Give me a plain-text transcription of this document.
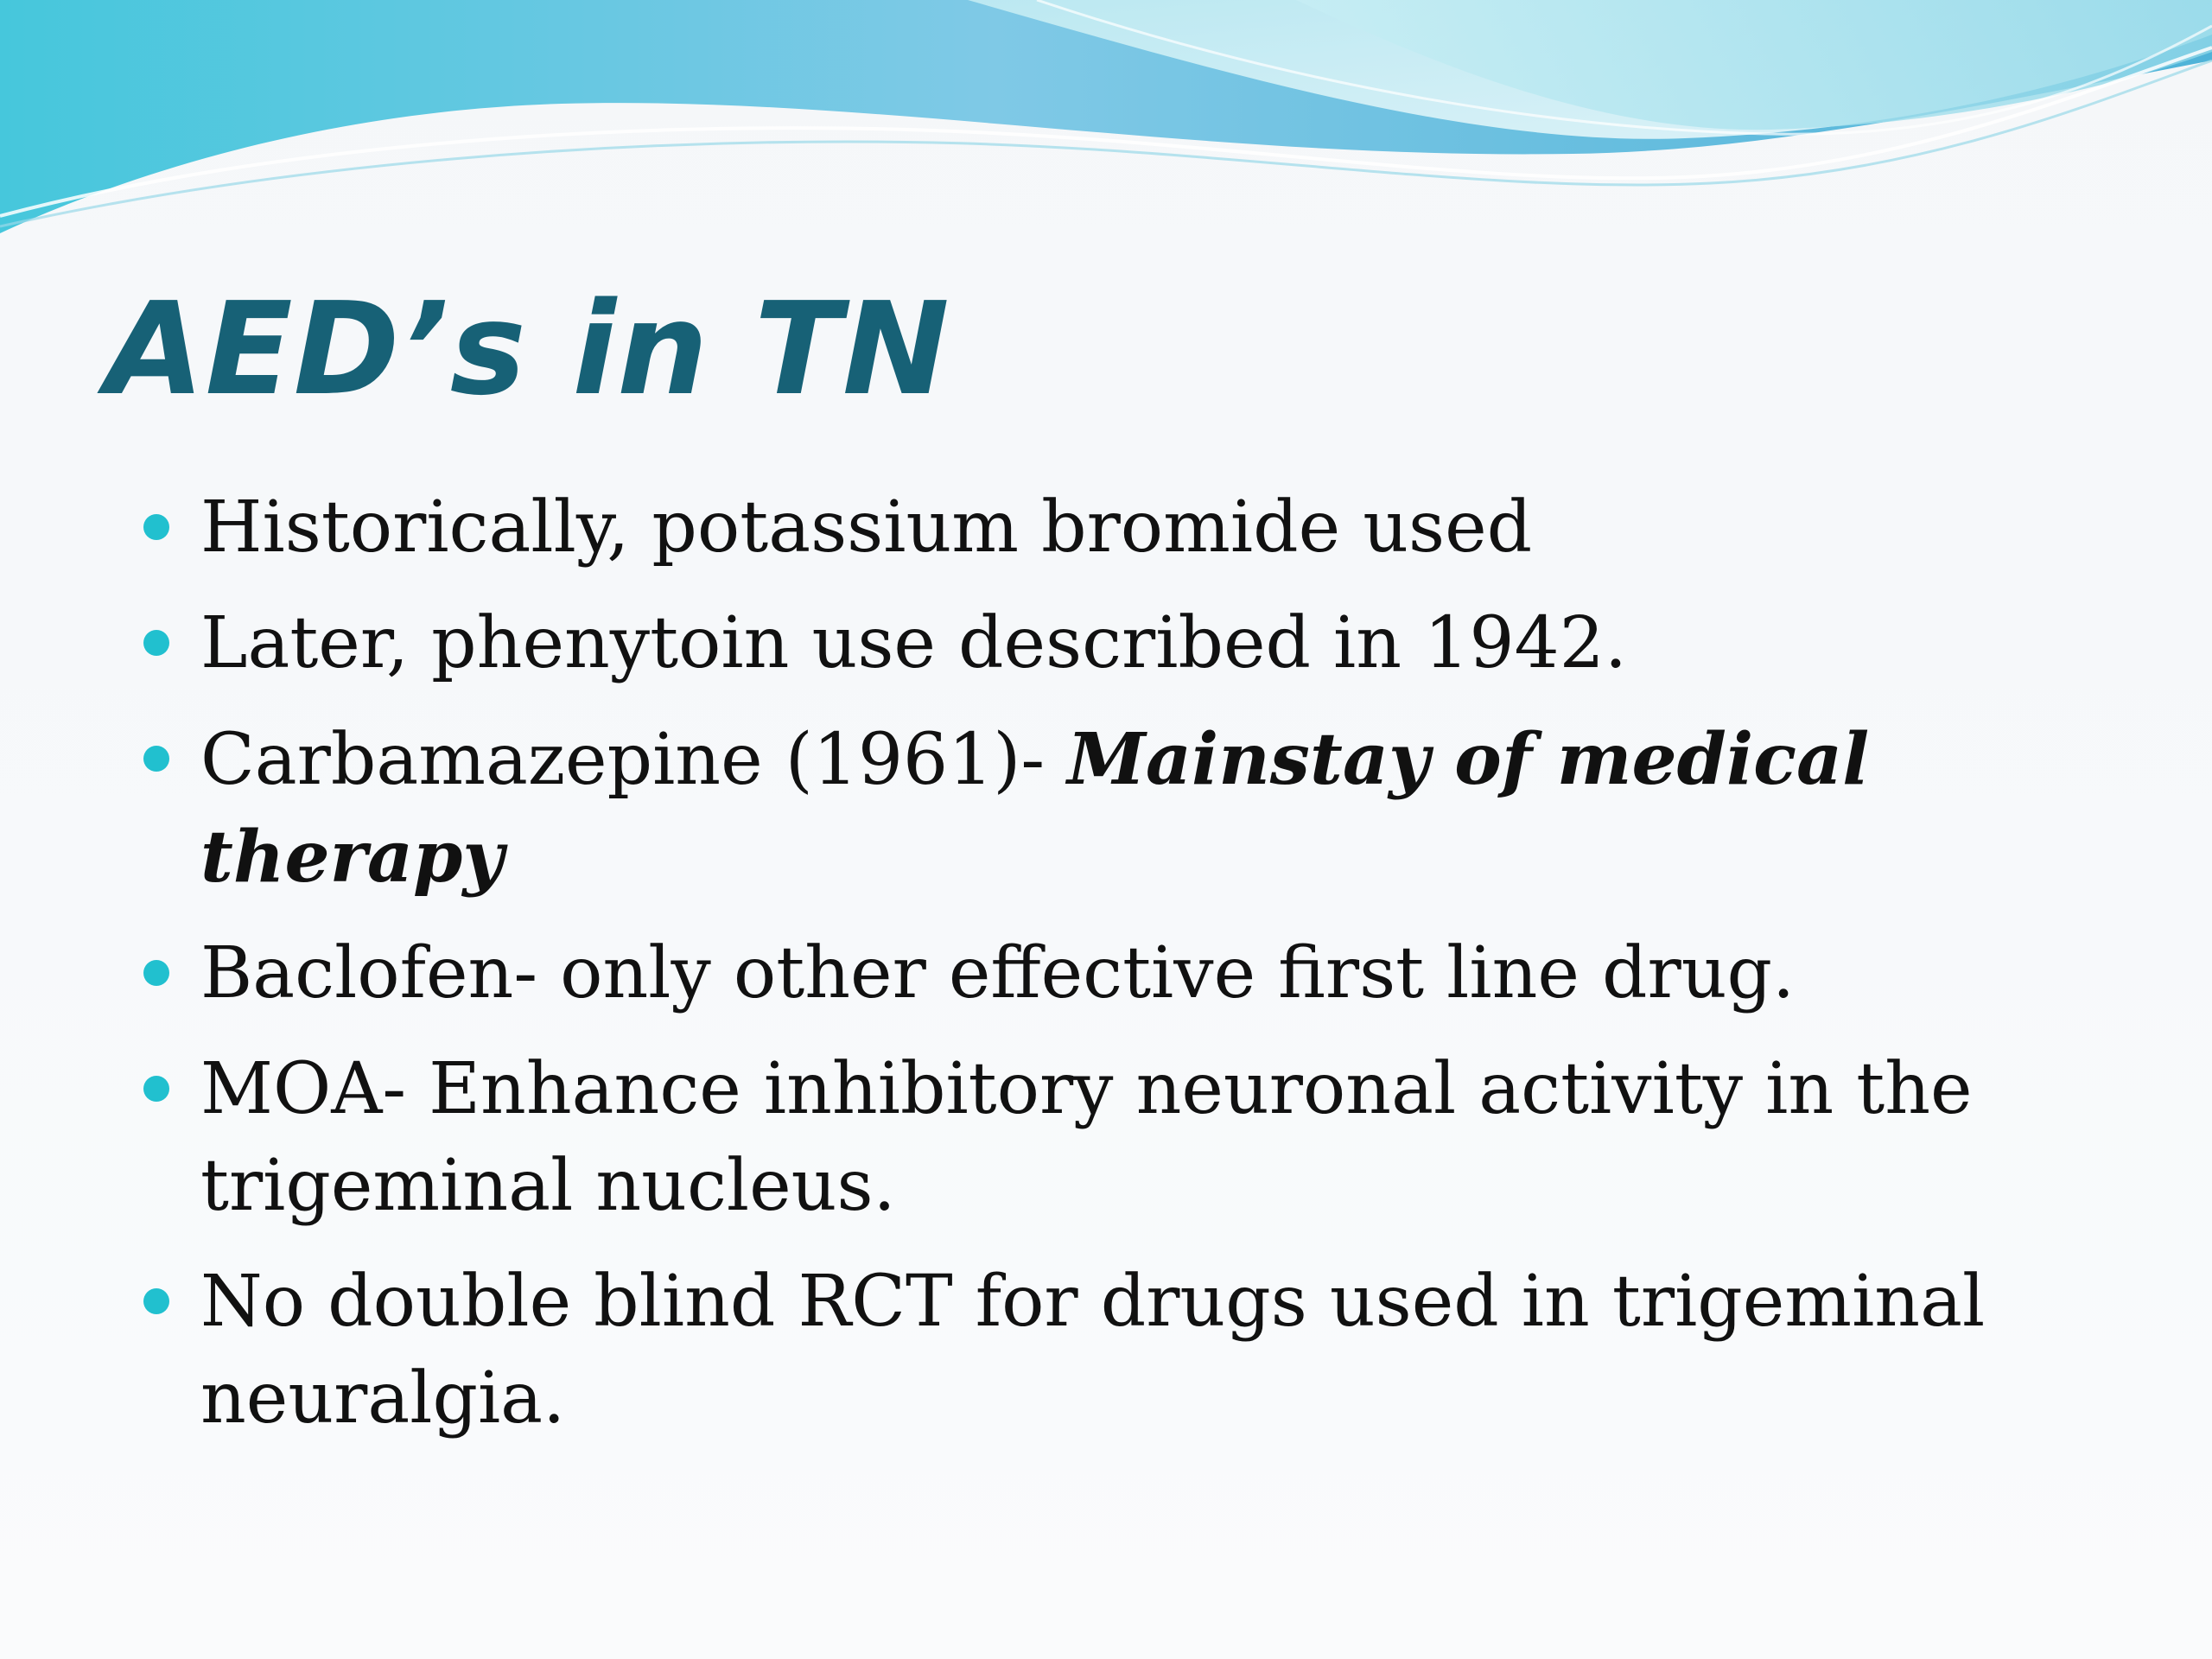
AED’s in TN
Historically, potassium bromide used
Later, phenytoin use described in 1942.
Carbamazepine (1961)- Mainstay of medical therapy
Baclofen- only other effective first line drug.
MOA- Enhance inhibitory neuronal activity in the trigeminal nucleus.
No double blind RCT for drugs used in trigeminal neuralgia.
